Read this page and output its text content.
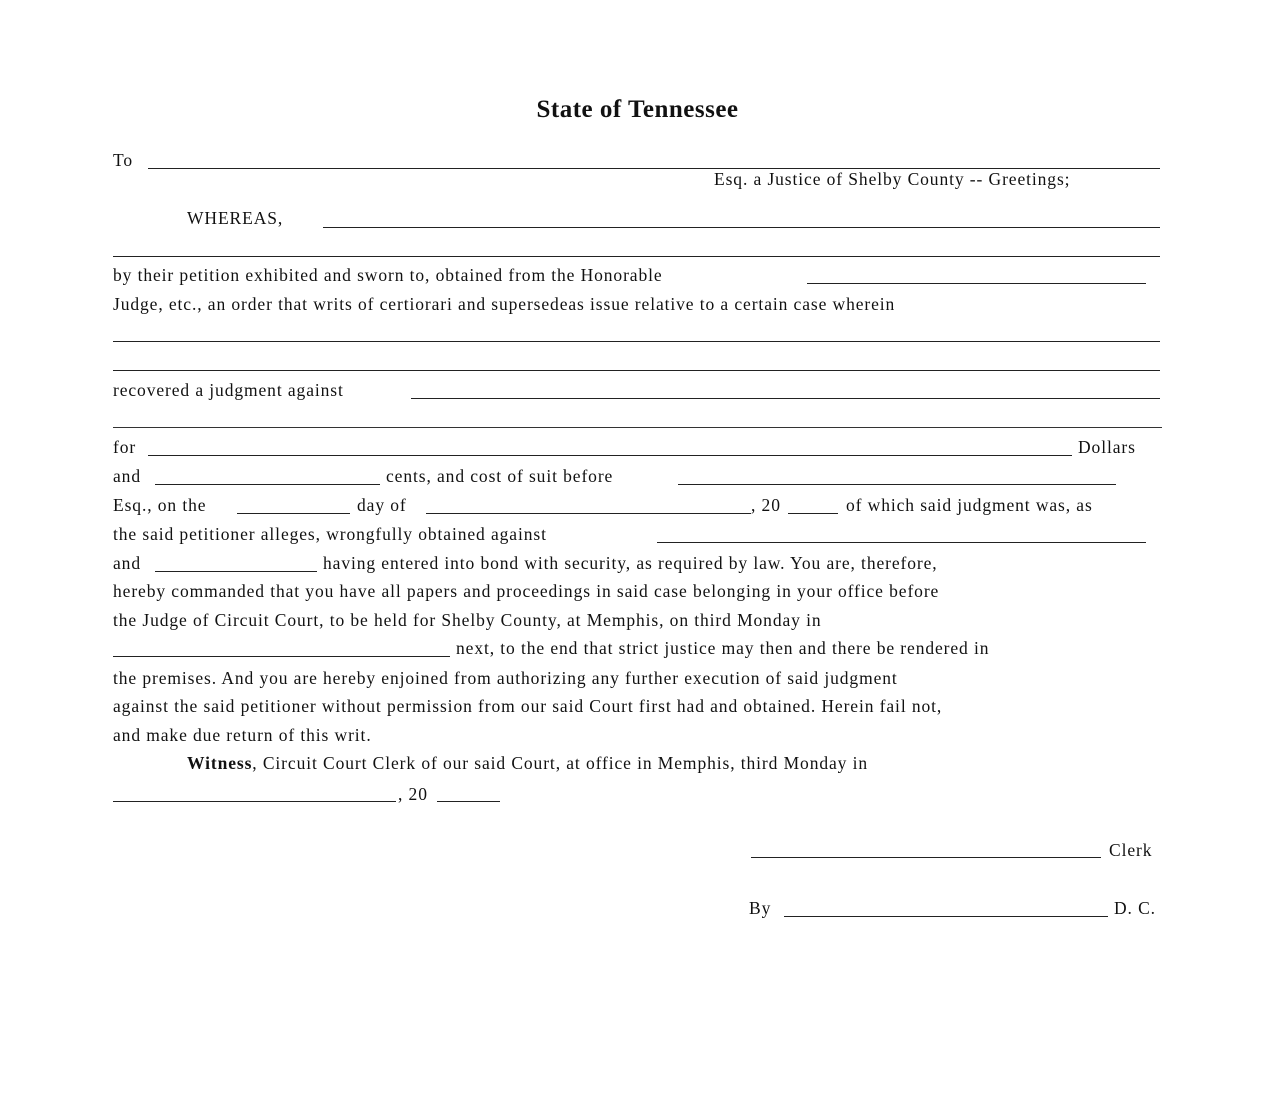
State of Tennessee
To
Esq. a Justice of Shelby County -- Greetings;
WHEREAS,
by their petition exhibited and sworn to, obtained from the Honorable
Judge, etc., an order that writs of certiorari and supersedeas issue relative to a certain case wherein
recovered a judgment against
for	Dollars
and	cents, and cost of suit before
Esq., on the	day of	, 20	of which said judgment was, as
the said petitioner alleges, wrongfully obtained against
and	having entered into bond with security, as required by law. You are, therefore,
hereby commanded that you have all papers and proceedings in said case belonging in your office before
the Judge of Circuit Court, to be held for Shelby County, at Memphis, on third Monday in
next, to the end that strict justice may then and there be rendered in
the premises. And you are hereby enjoined from authorizing any further execution of said judgment
against the said petitioner without permission from our said Court first had and obtained. Herein fail not,
and make due return of this writ.
Witness, Circuit Court Clerk of our said Court, at office in Memphis, third Monday in
, 20
Clerk
By	D. C.
